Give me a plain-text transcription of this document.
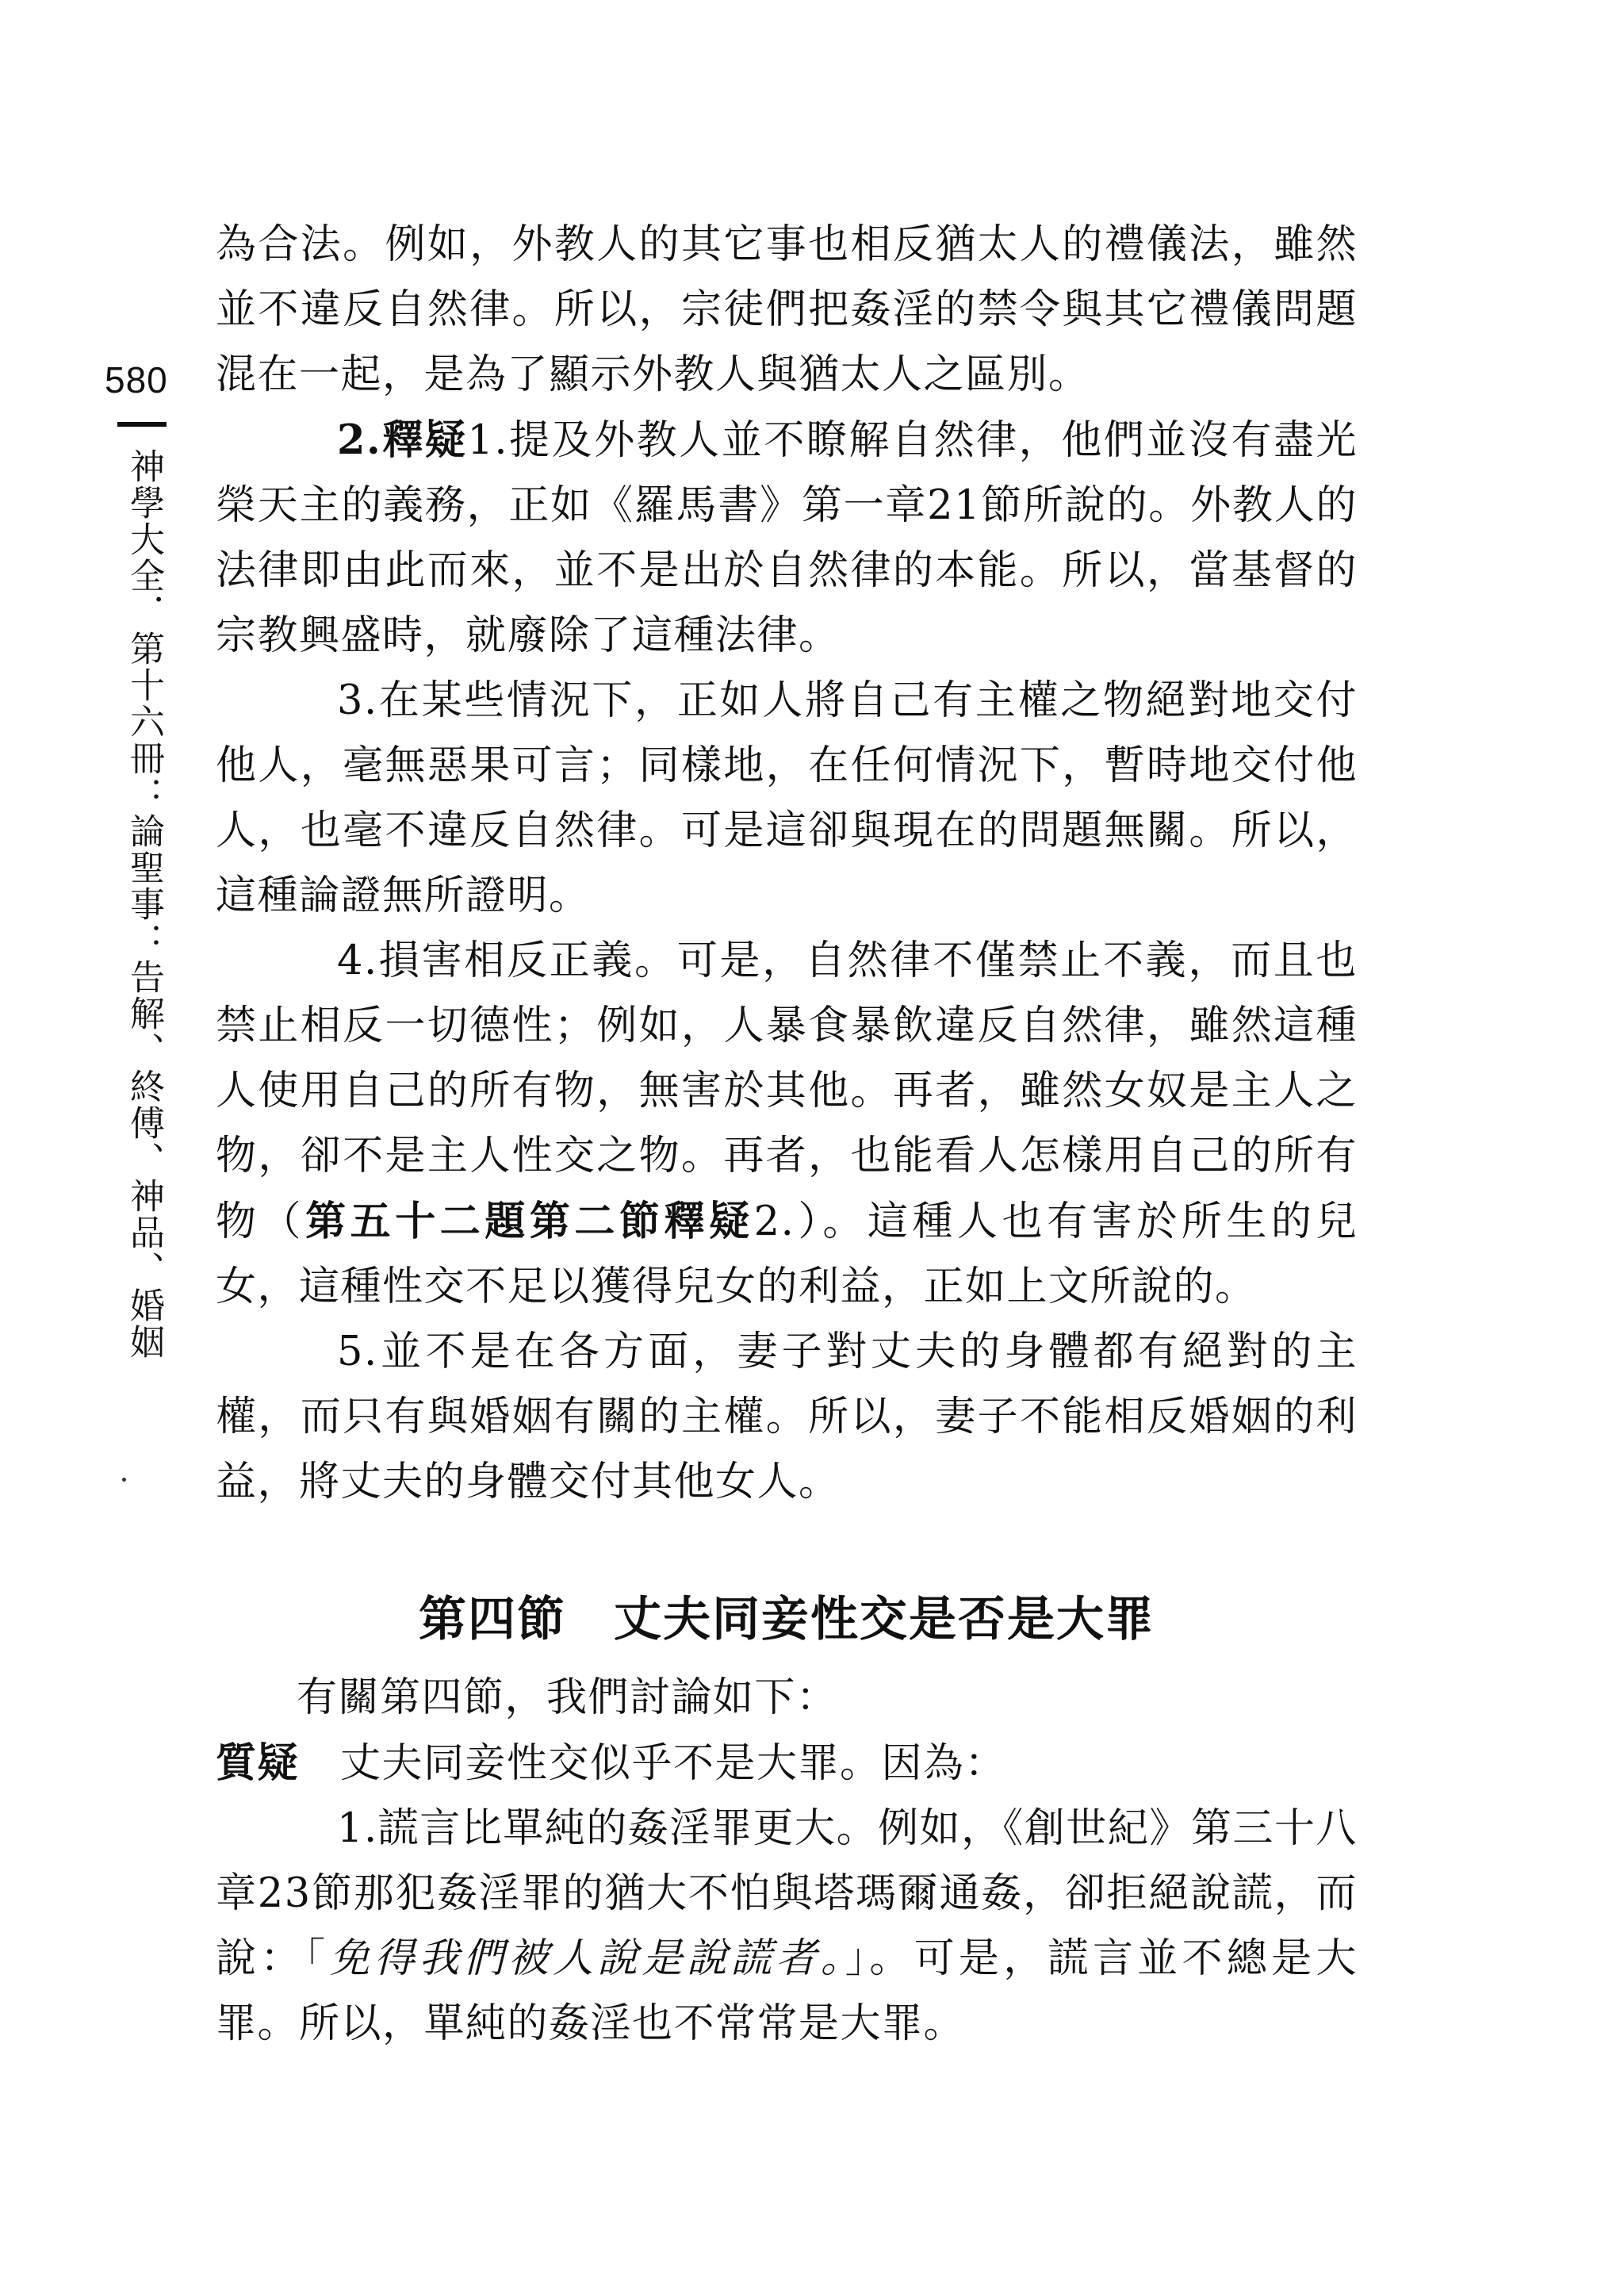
580
神學大全．第十六冊：論聖事：告解、終傅、神品、婚姻

為合法。例如，外教人的其它事也相反猶太人的禮儀法，雖然並不違反自然律。所以，宗徒們把姦淫的禁令與其它禮儀問題混在一起，是為了顯示外教人與猶太人之區別。

2.釋疑1.提及外教人並不瞭解自然律，他們並沒有盡光榮天主的義務，正如《羅馬書》第一章21節所說的。外教人的法律即由此而來，並不是出於自然律的本能。所以，當基督的宗教興盛時，就廢除了這種法律。

3.在某些情況下，正如人將自己有主權之物絕對地交付他人，毫無惡果可言；同樣地，在任何情況下，暫時地交付他人，也毫不違反自然律。可是這卻與現在的問題無關。所以，這種論證無所證明。

4.損害相反正義。可是，自然律不僅禁止不義，而且也禁止相反一切德性；例如，人暴食暴飲違反自然律，雖然這種人使用自己的所有物，無害於其他。再者，雖然女奴是主人之物，卻不是主人性交之物。再者，也能看人怎樣用自己的所有物（第五十二題第二節釋疑2.）。這種人也有害於所生的兒女，這種性交不足以獲得兒女的利益，正如上文所說的。

5.並不是在各方面，妻子對丈夫的身體都有絕對的主權，而只有與婚姻有關的主權。所以，妻子不能相反婚姻的利益，將丈夫的身體交付其他女人。

第四節 丈夫同妾性交是否是大罪

有關第四節，我們討論如下：

質疑 丈夫同妾性交似乎不是大罪。因為：

1.謊言比單純的姦淫罪更大。例如，《創世紀》第三十八章23節那犯姦淫罪的猶大不怕與塔瑪爾通姦，卻拒絕說謊，而說：「免得我們被人說是說謊者。」。可是，謊言並不總是大罪。所以，單純的姦淫也不常常是大罪。
